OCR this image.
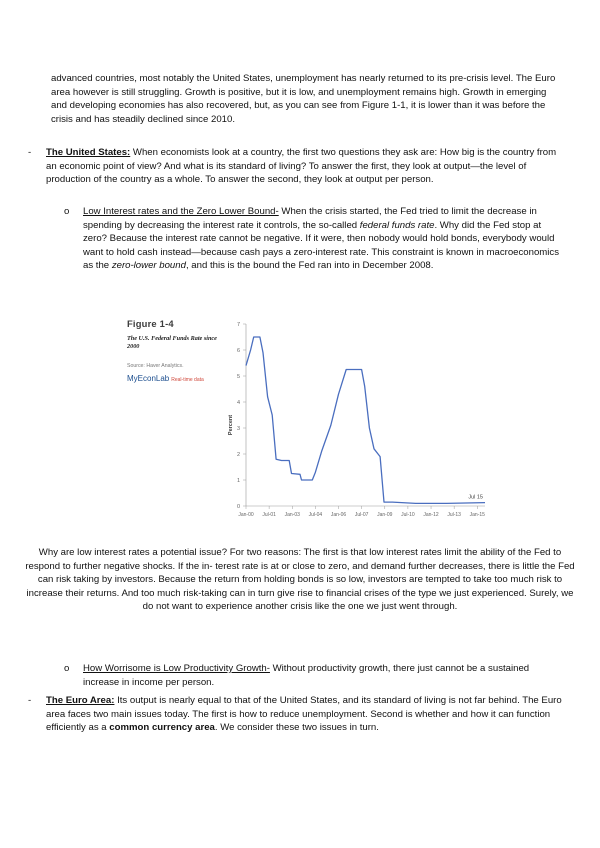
advanced countries, most notably the United States, unemployment has nearly returned to its pre-crisis level. The Euro area however is still struggling. Growth is positive, but it is low, and unemployment remains high. Growth in emerging and developing economies has also recovered, but, as you can see from Figure 1-1, it is lower than it was before the crisis and has steadily declined since 2010.

- The United States: When economists look at a country, the first two questions they ask are: How big is the country from an economic point of view? And what is its standard of living? To answer the first, they look at output—the level of production of the country as a whole. To answer the second, they look at output per person.

o Low Interest rates and the Zero Lower Bound- When the crisis started, the Fed tried to limit the decrease in spending by decreasing the interest rate it controls, the so-called federal funds rate. Why did the Fed stop at zero? Because the interest rate cannot be negative. If it were, then nobody would hold bonds, everybody would want to hold cash instead—because cash pays a zero-interest rate. This constraint is known in macroeconomics as the zero-lower bound, and this is the bound the Fed ran into in December 2008.

Figure 1-4
The U.S. Federal Funds Rate since 2000
Source: Haver Analytics.
MyEconLab Real-time data
0
1
2
3
4
5
6
7
Percent
Jan-00 Jul-01 Jan-03 Jul-04 Jan-06 Jul-07 Jan-09 Jul-10 Jan-12 Jul-13 Jan-15
Jul 15

Why are low interest rates a potential issue? For two reasons: The first is that low interest rates limit the ability of the Fed to respond to further negative shocks. If the in- terest rate is at or close to zero, and demand further decreases, there is little the Fed can risk taking by investors. Because the return from holding bonds is so low, investors are tempted to take too much risk to increase their returns. And too much risk-taking can in turn give rise to financial crises of the type we just experienced. Surely, we do not want to experience another crisis like the one we just went through.

o How Worrisome is Low Productivity Growth- Without productivity growth, there just cannot be a sustained increase in income per person.

- The Euro Area: Its output is nearly equal to that of the United States, and its standard of living is not far behind. The Euro area faces two main issues today. The first is how to reduce unemployment. Second is whether and how it can function efficiently as a common currency area. We consider these two issues in turn.
